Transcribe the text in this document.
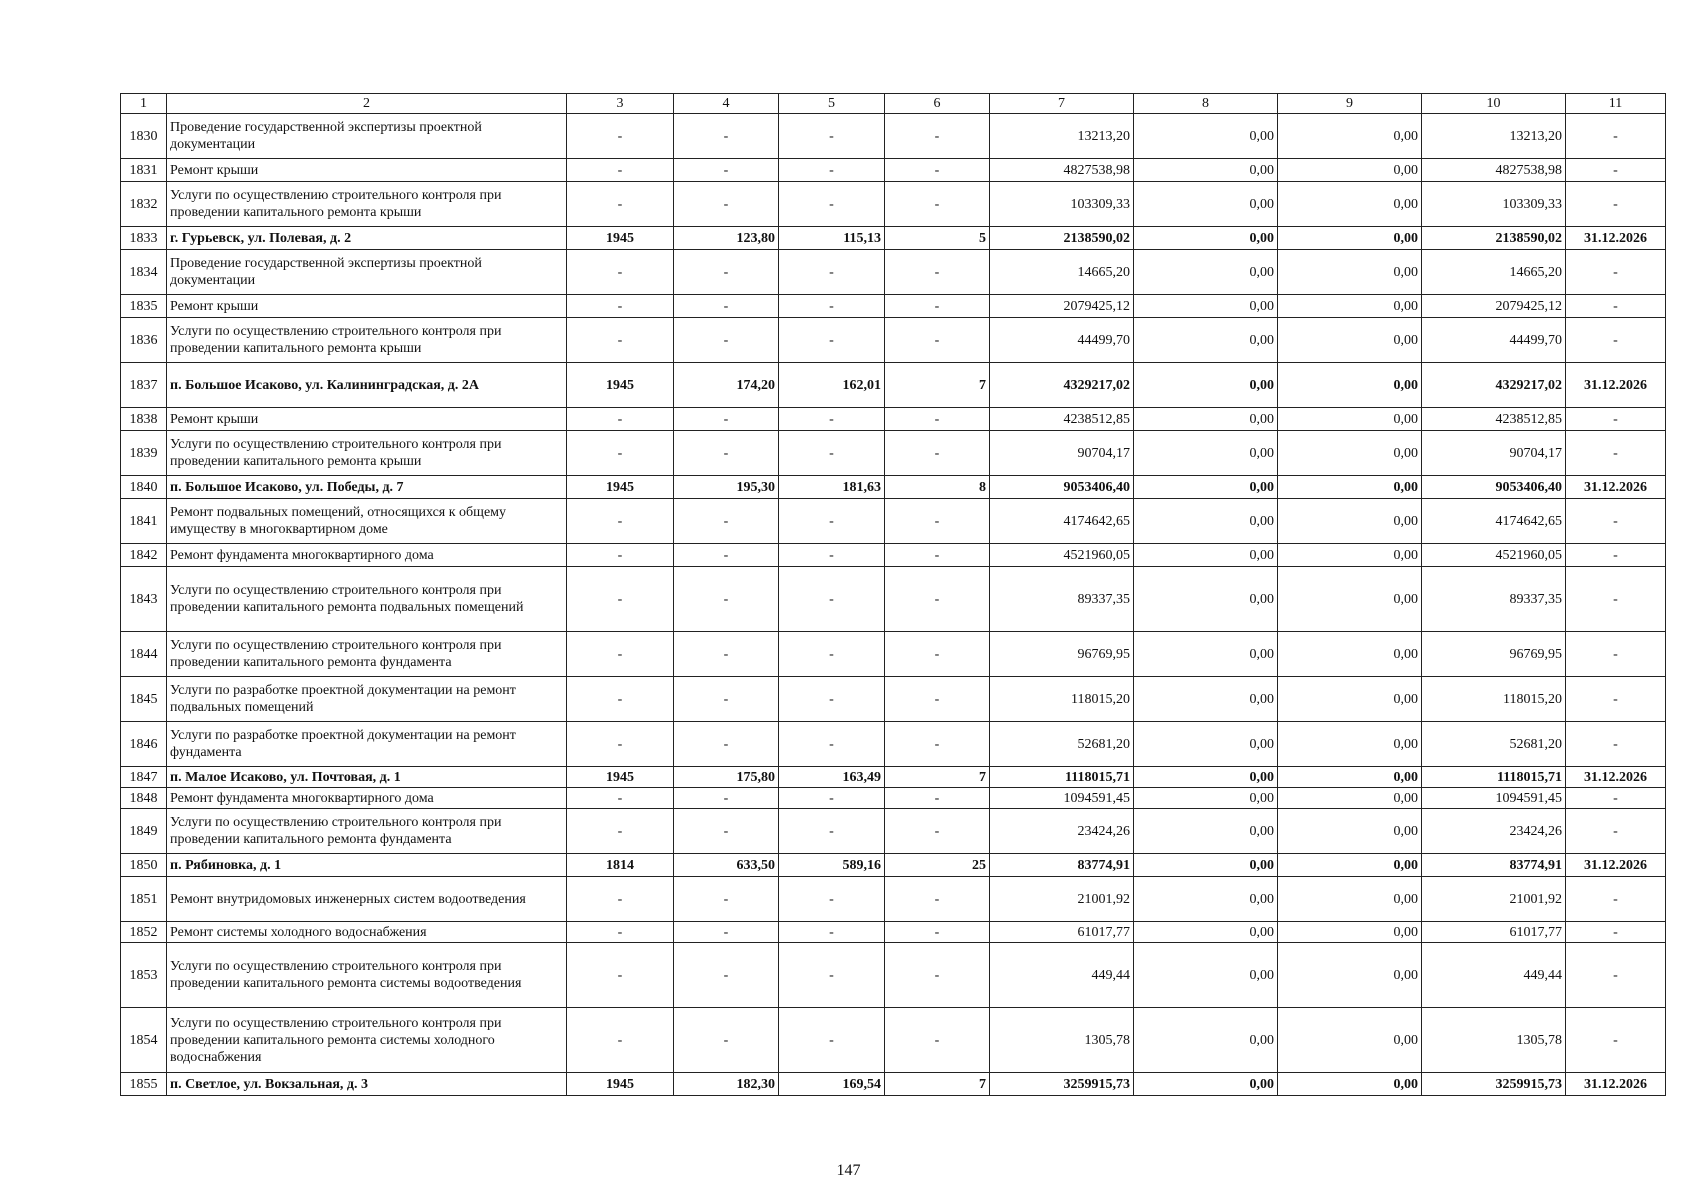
1	2	3	4	5	6	7	8	9	10	11
1830	Проведение государственной экспертизы проектной документации	-	-	-	-	13213,20	0,00	0,00	13213,20	-
1831	Ремонт крыши	-	-	-	-	4827538,98	0,00	0,00	4827538,98	-
1832	Услуги по осуществлению строительного контроля при проведении капитального ремонта крыши	-	-	-	-	103309,33	0,00	0,00	103309,33	-
1833	г. Гурьевск, ул. Полевая, д. 2	1945	123,80	115,13	5	2138590,02	0,00	0,00	2138590,02	31.12.2026
1834	Проведение государственной экспертизы проектной документации	-	-	-	-	14665,20	0,00	0,00	14665,20	-
1835	Ремонт крыши	-	-	-	-	2079425,12	0,00	0,00	2079425,12	-
1836	Услуги по осуществлению строительного контроля при проведении капитального ремонта крыши	-	-	-	-	44499,70	0,00	0,00	44499,70	-
1837	п. Большое Исаково, ул. Калининградская, д. 2А	1945	174,20	162,01	7	4329217,02	0,00	0,00	4329217,02	31.12.2026
1838	Ремонт крыши	-	-	-	-	4238512,85	0,00	0,00	4238512,85	-
1839	Услуги по осуществлению строительного контроля при проведении капитального ремонта крыши	-	-	-	-	90704,17	0,00	0,00	90704,17	-
1840	п. Большое Исаково, ул. Победы, д. 7	1945	195,30	181,63	8	9053406,40	0,00	0,00	9053406,40	31.12.2026
1841	Ремонт подвальных помещений, относящихся к общему имуществу в многоквартирном доме	-	-	-	-	4174642,65	0,00	0,00	4174642,65	-
1842	Ремонт фундамента многоквартирного дома	-	-	-	-	4521960,05	0,00	0,00	4521960,05	-
1843	Услуги по осуществлению строительного контроля при проведении капитального ремонта подвальных помещений	-	-	-	-	89337,35	0,00	0,00	89337,35	-
1844	Услуги по осуществлению строительного контроля при проведении капитального ремонта фундамента	-	-	-	-	96769,95	0,00	0,00	96769,95	-
1845	Услуги по разработке проектной документации на ремонт подвальных помещений	-	-	-	-	118015,20	0,00	0,00	118015,20	-
1846	Услуги по разработке проектной документации на ремонт фундамента	-	-	-	-	52681,20	0,00	0,00	52681,20	-
1847	п. Малое Исаково, ул. Почтовая, д. 1	1945	175,80	163,49	7	1118015,71	0,00	0,00	1118015,71	31.12.2026
1848	Ремонт фундамента многоквартирного дома	-	-	-	-	1094591,45	0,00	0,00	1094591,45	-
1849	Услуги по осуществлению строительного контроля при проведении капитального ремонта фундамента	-	-	-	-	23424,26	0,00	0,00	23424,26	-
1850	п. Рябиновка, д. 1	1814	633,50	589,16	25	83774,91	0,00	0,00	83774,91	31.12.2026
1851	Ремонт внутридомовых инженерных систем водоотведения	-	-	-	-	21001,92	0,00	0,00	21001,92	-
1852	Ремонт системы холодного водоснабжения	-	-	-	-	61017,77	0,00	0,00	61017,77	-
1853	Услуги по осуществлению строительного контроля при проведении капитального ремонта системы водоотведения	-	-	-	-	449,44	0,00	0,00	449,44	-
1854	Услуги по осуществлению строительного контроля при проведении капитального ремонта системы холодного водоснабжения	-	-	-	-	1305,78	0,00	0,00	1305,78	-
1855	п. Светлое, ул. Вокзальная, д. 3	1945	182,30	169,54	7	3259915,73	0,00	0,00	3259915,73	31.12.2026
147
